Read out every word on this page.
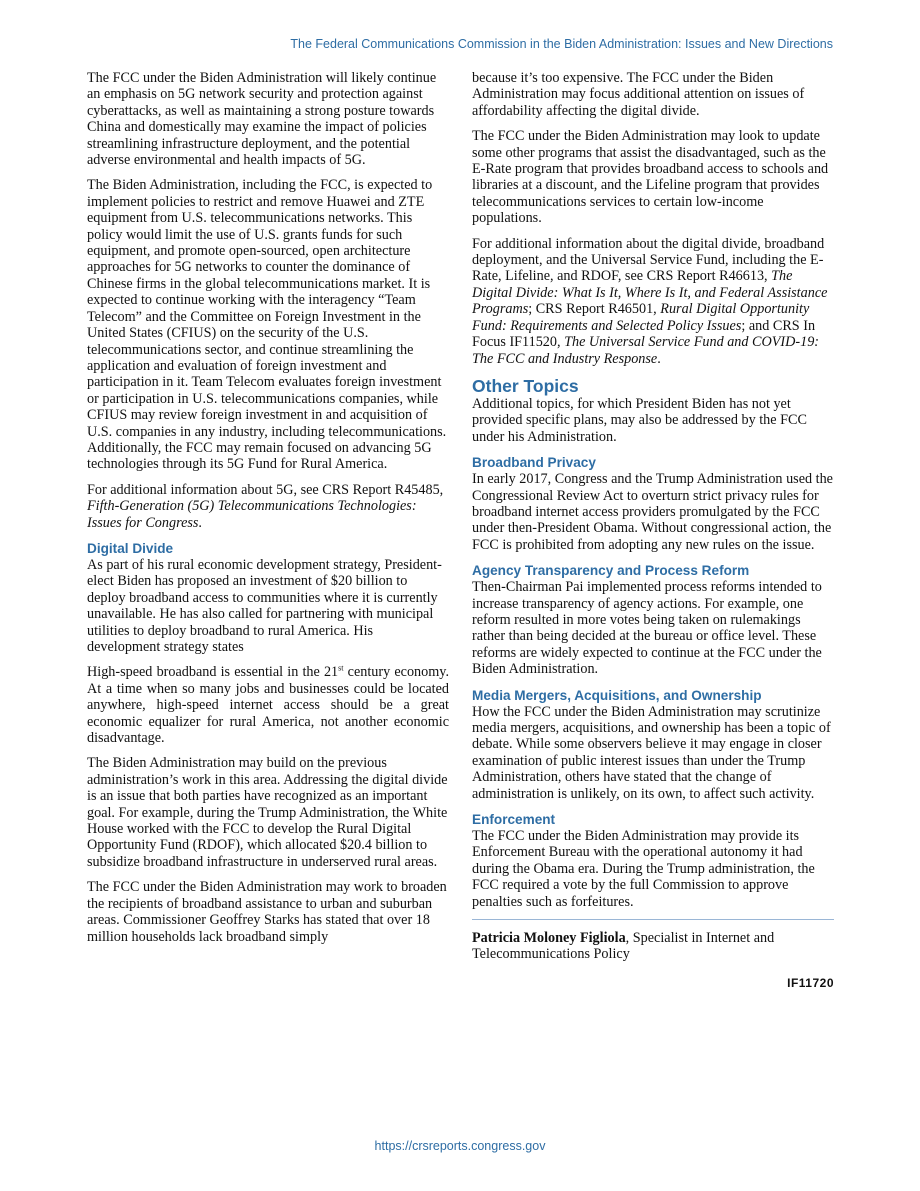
The Federal Communications Commission in the Biden Administration: Issues and New Directions

The FCC under the Biden Administration will likely continue an emphasis on 5G network security and protection against cyberattacks, as well as maintaining a strong posture towards China and domestically may examine the impact of policies streamlining infrastructure deployment, and the potential adverse environmental and health impacts of 5G.

The Biden Administration, including the FCC, is expected to implement policies to restrict and remove Huawei and ZTE equipment from U.S. telecommunications networks. This policy would limit the use of U.S. grants funds for such equipment, and promote open-sourced, open architecture approaches for 5G networks to counter the dominance of Chinese firms in the global telecommunications market. It is expected to continue working with the interagency “Team Telecom” and the Committee on Foreign Investment in the United States (CFIUS) on the security of the U.S. telecommunications sector, and continue streamlining the application and evaluation of foreign investment and participation in it. Team Telecom evaluates foreign investment or participation in U.S. telecommunications companies, while CFIUS may review foreign investment in and acquisition of U.S. companies in any industry, including telecommunications. Additionally, the FCC may remain focused on advancing 5G technologies through its 5G Fund for Rural America.

For additional information about 5G, see CRS Report R45485, Fifth-Generation (5G) Telecommunications Technologies: Issues for Congress.

Digital Divide

As part of his rural economic development strategy, President-elect Biden has proposed an investment of $20 billion to deploy broadband access to communities where it is currently unavailable. He has also called for partnering with municipal utilities to deploy broadband to rural America. His development strategy states

High-speed broadband is essential in the 21st century economy. At a time when so many jobs and businesses could be located anywhere, high-speed internet access should be a great economic equalizer for rural America, not another economic disadvantage.

The Biden Administration may build on the previous administration’s work in this area. Addressing the digital divide is an issue that both parties have recognized as an important goal. For example, during the Trump Administration, the White House worked with the FCC to develop the Rural Digital Opportunity Fund (RDOF), which allocated $20.4 billion to subsidize broadband infrastructure in underserved rural areas.

The FCC under the Biden Administration may work to broaden the recipients of broadband assistance to urban and suburban areas. Commissioner Geoffrey Starks has stated that over 18 million households lack broadband simply

because it’s too expensive. The FCC under the Biden Administration may focus additional attention on issues of affordability affecting the digital divide.

The FCC under the Biden Administration may look to update some other programs that assist the disadvantaged, such as the E-Rate program that provides broadband access to schools and libraries at a discount, and the Lifeline program that provides telecommunications services to certain low-income populations.

For additional information about the digital divide, broadband deployment, and the Universal Service Fund, including the E-Rate, Lifeline, and RDOF, see CRS Report R46613, The Digital Divide: What Is It, Where Is It, and Federal Assistance Programs; CRS Report R46501, Rural Digital Opportunity Fund: Requirements and Selected Policy Issues; and CRS In Focus IF11520, The Universal Service Fund and COVID-19: The FCC and Industry Response.

Other Topics

Additional topics, for which President Biden has not yet provided specific plans, may also be addressed by the FCC under his Administration.

Broadband Privacy

In early 2017, Congress and the Trump Administration used the Congressional Review Act to overturn strict privacy rules for broadband internet access providers promulgated by the FCC under then-President Obama. Without congressional action, the FCC is prohibited from adopting any new rules on the issue.

Agency Transparency and Process Reform

Then-Chairman Pai implemented process reforms intended to increase transparency of agency actions. For example, one reform resulted in more votes being taken on rulemakings rather than being decided at the bureau or office level. These reforms are widely expected to continue at the FCC under the Biden Administration.

Media Mergers, Acquisitions, and Ownership

How the FCC under the Biden Administration may scrutinize media mergers, acquisitions, and ownership has been a topic of debate. While some observers believe it may engage in closer examination of public interest issues than under the Trump Administration, others have stated that the change of administration is unlikely, on its own, to affect such activity.

Enforcement

The FCC under the Biden Administration may provide its Enforcement Bureau with the operational autonomy it had during the Obama era. During the Trump administration, the FCC required a vote by the full Commission to approve penalties such as forfeitures.

Patricia Moloney Figliola, Specialist in Internet and Telecommunications Policy

IF11720
https://crsreports.congress.gov
